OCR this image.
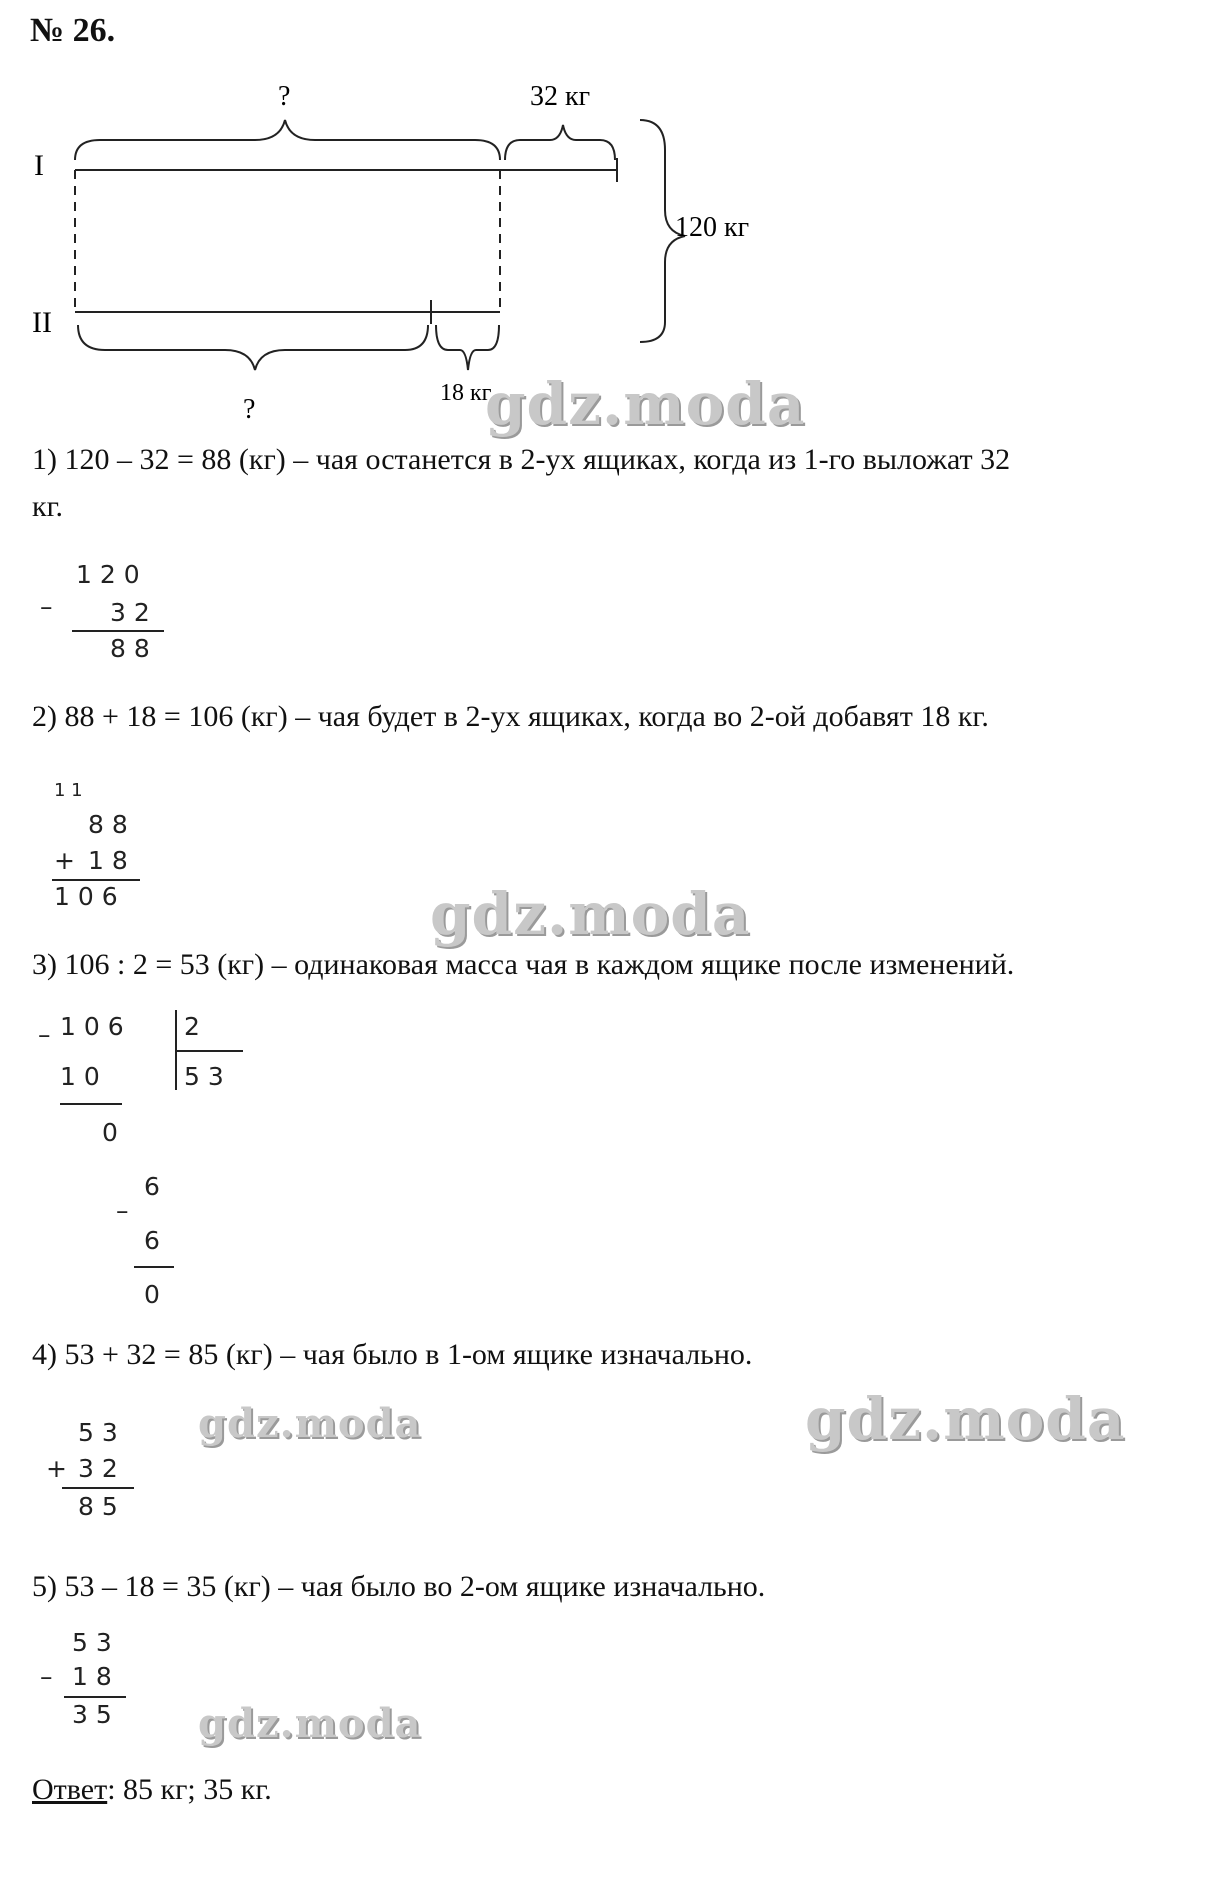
№ 26.
I
II
?	32 кг
?
18 кг
120 кг
1) 120 – 32 = 88 (кг) – чая останется в 2-ух ящиках, когда из 1-го выложат 32
кг.
1 2 0
– 3 2
8 8
2) 88 + 18 = 106 (кг) – чая будет в 2-ух ящиках, когда во 2-ой добавят 18 кг.
1 1
8 8
+ 1 8
1 0 6
3) 106 : 2 = 53 (кг) – одинаковая масса чая в каждом ящике после изменений.
– 1 0 6 2
1 0	5 3
0
6
–
6
0
4) 53 + 32 = 85 (кг) – чая было в 1-ом ящике изначально.
5 3
+ 3 2
8 5
5) 53 – 18 = 35 (кг) – чая было во 2-ом ящике изначально.
5 3
– 1 8
3 5
Ответ: 85 кг; 35 кг.
gdz.moda
gdz.moda
gdz.moda	gdz.moda
gdz.moda
